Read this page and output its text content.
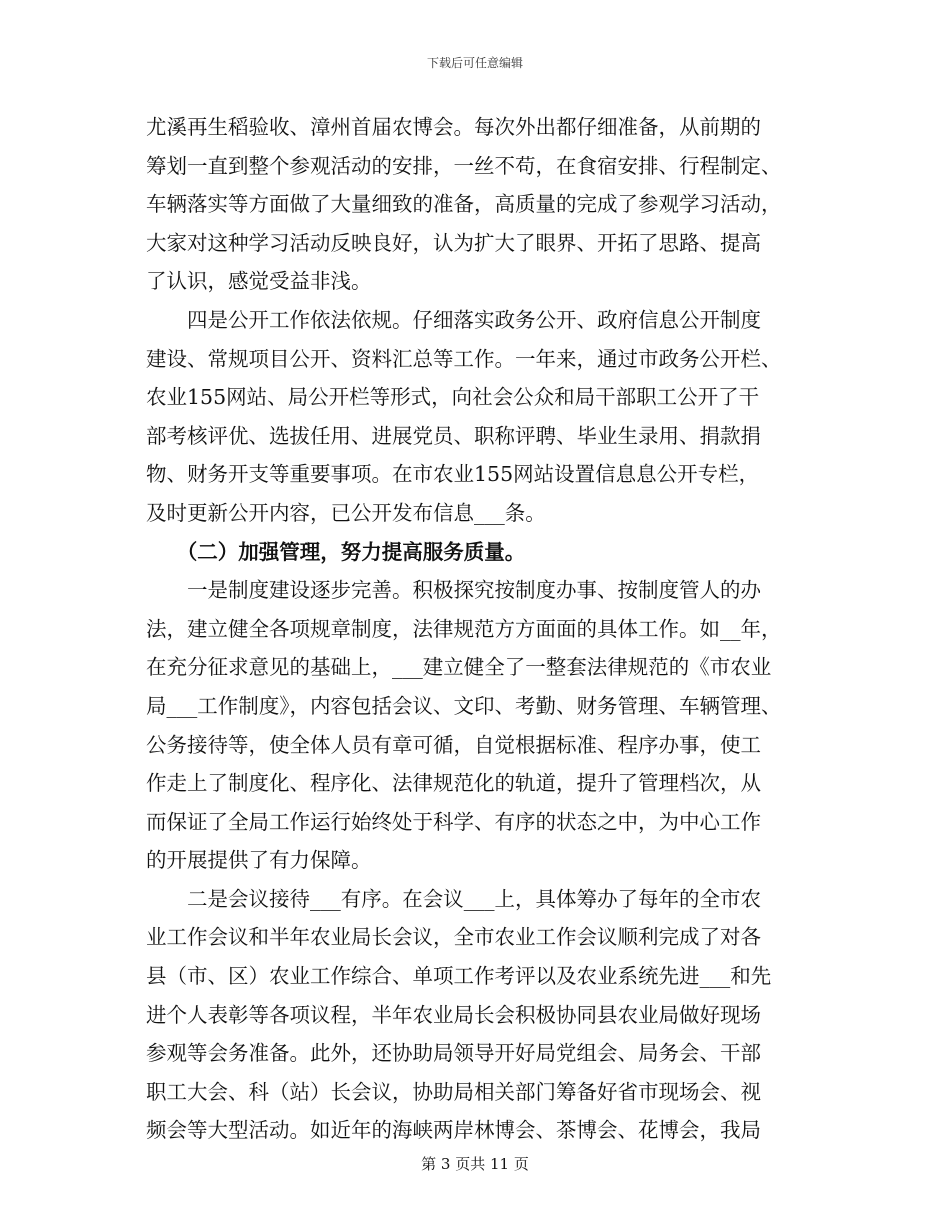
下载后可任意编辑
尤溪再生稻验收、漳州首届农博会。每次外出都仔细准备，从前期的
筹划一直到整个参观活动的安排，一丝不苟，在食宿安排、行程制定、
车辆落实等方面做了大量细致的准备，高质量的完成了参观学习活动，
大家对这种学习活动反映良好，认为扩大了眼界、开拓了思路、提高
了认识，感觉受益非浅。
　　四是公开工作依法依规。仔细落实政务公开、政府信息公开制度
建设、常规项目公开、资料汇总等工作。一年来，通过市政务公开栏、
农业155网站、局公开栏等形式，向社会公众和局干部职工公开了干
部考核评优、选拔任用、进展党员、职称评聘、毕业生录用、捐款捐
物、财务开支等重要事项。在市农业155网站设置信息息公开专栏，
及时更新公开内容，已公开发布信息___条。
　　（二）加强管理，努力提高服务质量。
　　一是制度建设逐步完善。积极探究按制度办事、按制度管人的办
法，建立健全各项规章制度，法律规范方方面面的具体工作。如__年，
在充分征求意见的基础上，___建立健全了一整套法律规范的《市农业
局___工作制度》，内容包括会议、文印、考勤、财务管理、车辆管理、
公务接待等，使全体人员有章可循，自觉根据标准、程序办事，使工
作走上了制度化、程序化、法律规范化的轨道，提升了管理档次，从
而保证了全局工作运行始终处于科学、有序的状态之中，为中心工作
的开展提供了有力保障。
　　二是会议接待___有序。在会议___上，具体筹办了每年的全市农
业工作会议和半年农业局长会议，全市农业工作会议顺利完成了对各
县（市、区）农业工作综合、单项工作考评以及农业系统先进___和先
进个人表彰等各项议程，半年农业局长会积极协同县农业局做好现场
参观等会务准备。此外，还协助局领导开好局党组会、局务会、干部
职工大会、科（站）长会议，协助局相关部门筹备好省市现场会、视
频会等大型活动。如近年的海峡两岸林博会、茶博会、花博会，我局
第 3 页共 11 页
